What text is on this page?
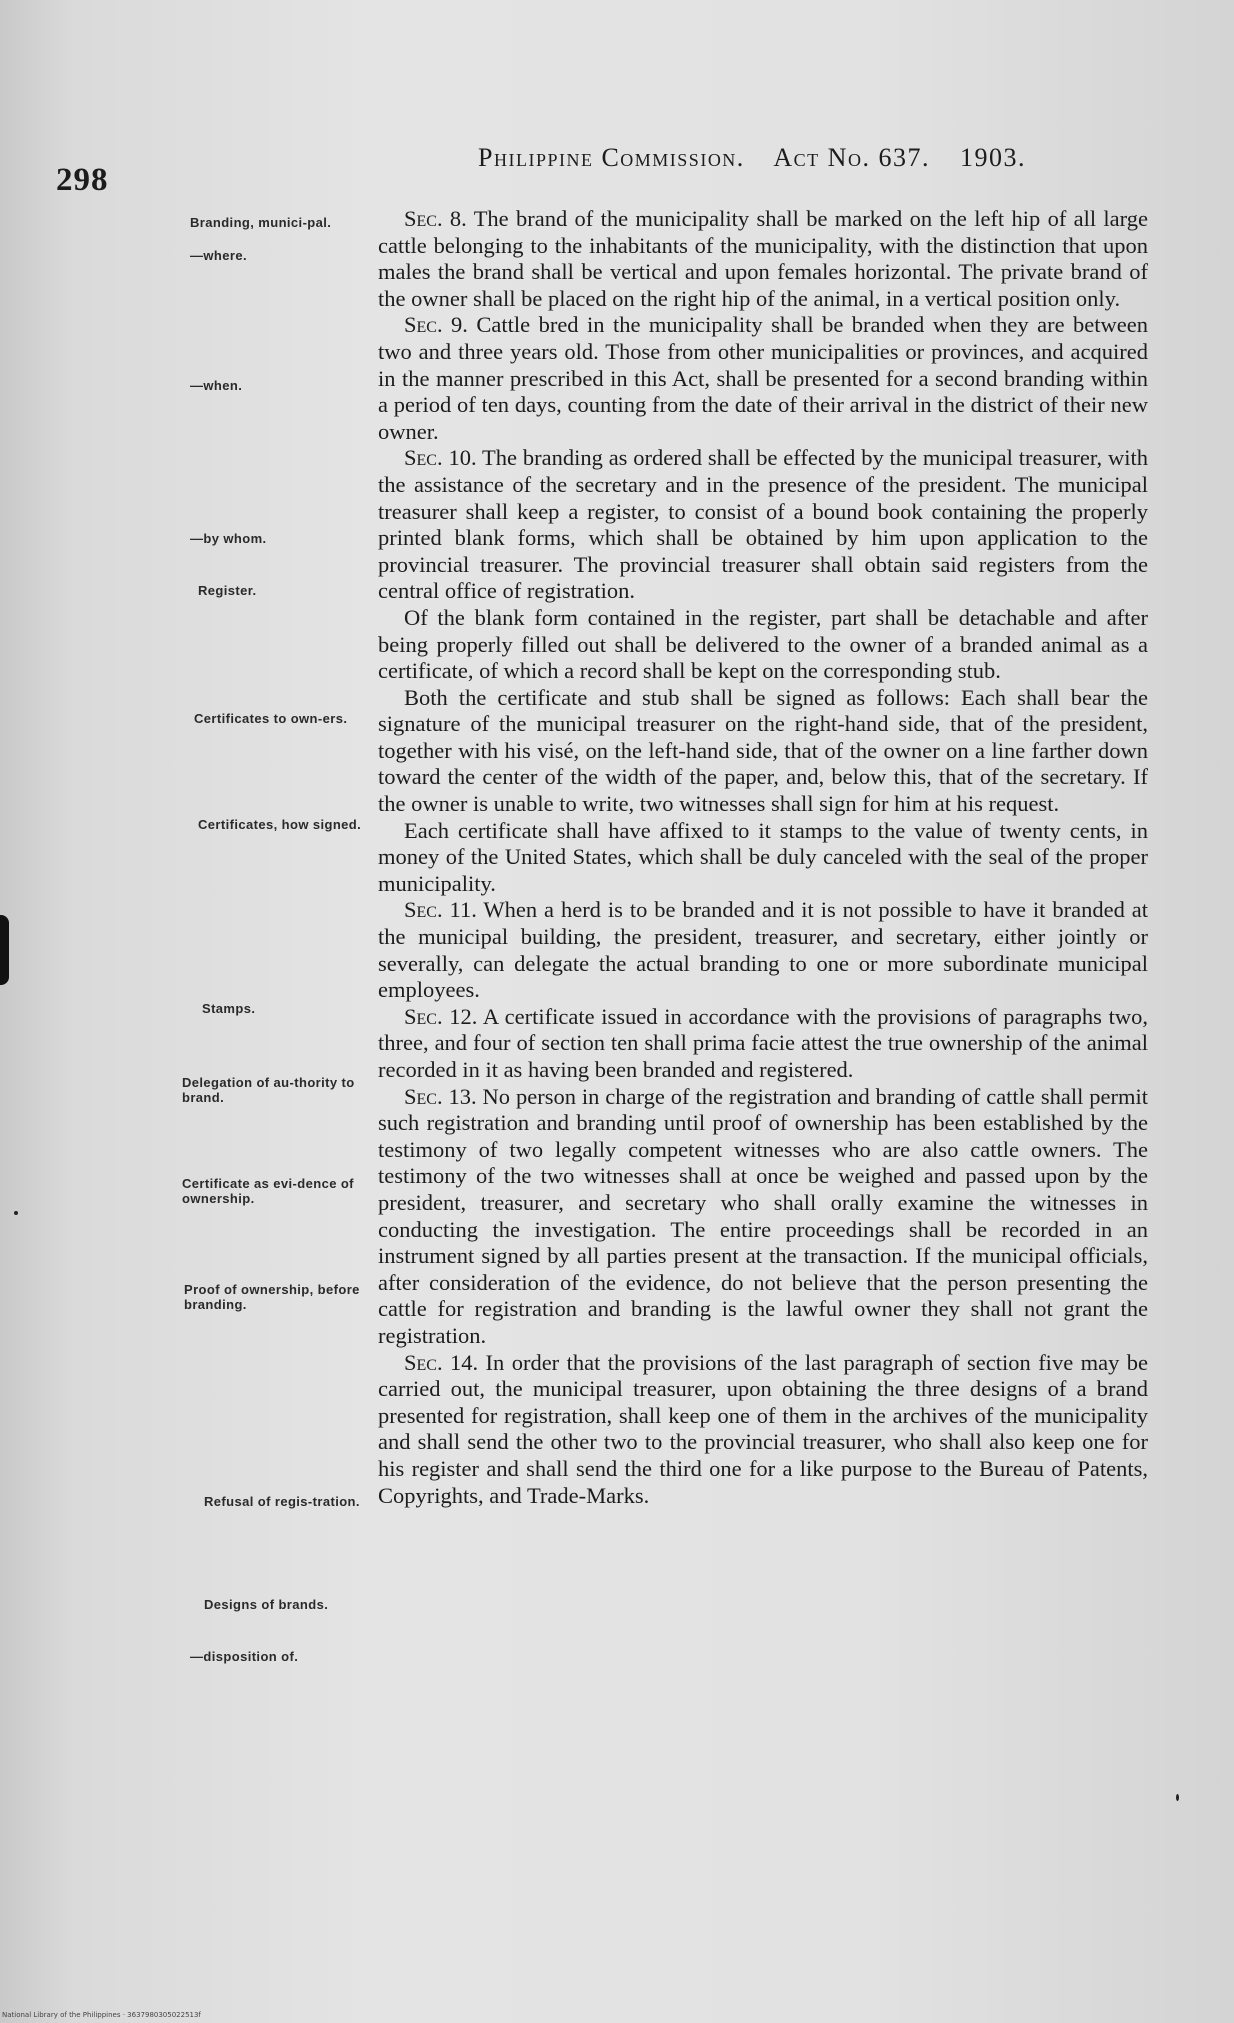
298
Philippine Commission. Act No. 637. 1903.
Branding, munici-pal.
—where.
—when.
—by whom.
Register.
Certificates to own-ers.
Certificates, how signed.
Stamps.
Delegation of au-thority to brand.
Certificate as evi-dence of ownership.
Proof of ownership, before branding.
Refusal of regis-tration.
Designs of brands.
—disposition of.

Sec. 8. The brand of the municipality shall be marked on the left hip of all large cattle belonging to the inhabitants of the municipality, with the distinction that upon males the brand shall be vertical and upon females horizontal. The private brand of the owner shall be placed on the right hip of the animal, in a vertical position only.

Sec. 9. Cattle bred in the municipality shall be branded when they are between two and three years old. Those from other municipalities or provinces, and acquired in the manner prescribed in this Act, shall be presented for a second branding within a period of ten days, counting from the date of their arrival in the district of their new owner.

Sec. 10. The branding as ordered shall be effected by the municipal treasurer, with the assistance of the secretary and in the presence of the president. The municipal treasurer shall keep a register, to consist of a bound book containing the properly printed blank forms, which shall be obtained by him upon application to the provincial treasurer. The provincial treasurer shall obtain said registers from the central office of registration.

Of the blank form contained in the register, part shall be detachable and after being properly filled out shall be delivered to the owner of a branded animal as a certificate, of which a record shall be kept on the corresponding stub.

Both the certificate and stub shall be signed as follows: Each shall bear the signature of the municipal treasurer on the right-hand side, that of the president, together with his visé, on the left-hand side, that of the owner on a line farther down toward the center of the width of the paper, and, below this, that of the secretary. If the owner is unable to write, two witnesses shall sign for him at his request.

Each certificate shall have affixed to it stamps to the value of twenty cents, in money of the United States, which shall be duly canceled with the seal of the proper municipality.

Sec. 11. When a herd is to be branded and it is not possible to have it branded at the municipal building, the president, treasurer, and secretary, either jointly or severally, can delegate the actual branding to one or more subordinate municipal employees.

Sec. 12. A certificate issued in accordance with the provisions of paragraphs two, three, and four of section ten shall prima facie attest the true ownership of the animal recorded in it as having been branded and registered.

Sec. 13. No person in charge of the registration and branding of cattle shall permit such registration and branding until proof of ownership has been established by the testimony of two legally competent witnesses who are also cattle owners. The testimony of the two witnesses shall at once be weighed and passed upon by the president, treasurer, and secretary who shall orally examine the witnesses in conducting the investigation. The entire proceedings shall be recorded in an instrument signed by all parties present at the transaction. If the municipal officials, after consideration of the evidence, do not believe that the person presenting the cattle for registration and branding is the lawful owner they shall not grant the registration.

Sec. 14. In order that the provisions of the last paragraph of section five may be carried out, the municipal treasurer, upon obtaining the three designs of a brand presented for registration, shall keep one of them in the archives of the municipality and shall send the other two to the provincial treasurer, who shall also keep one for his register and shall send the third one for a like purpose to the Bureau of Patents, Copyrights, and Trade-Marks.

National Library of the Philippines · 3637980305022513f
